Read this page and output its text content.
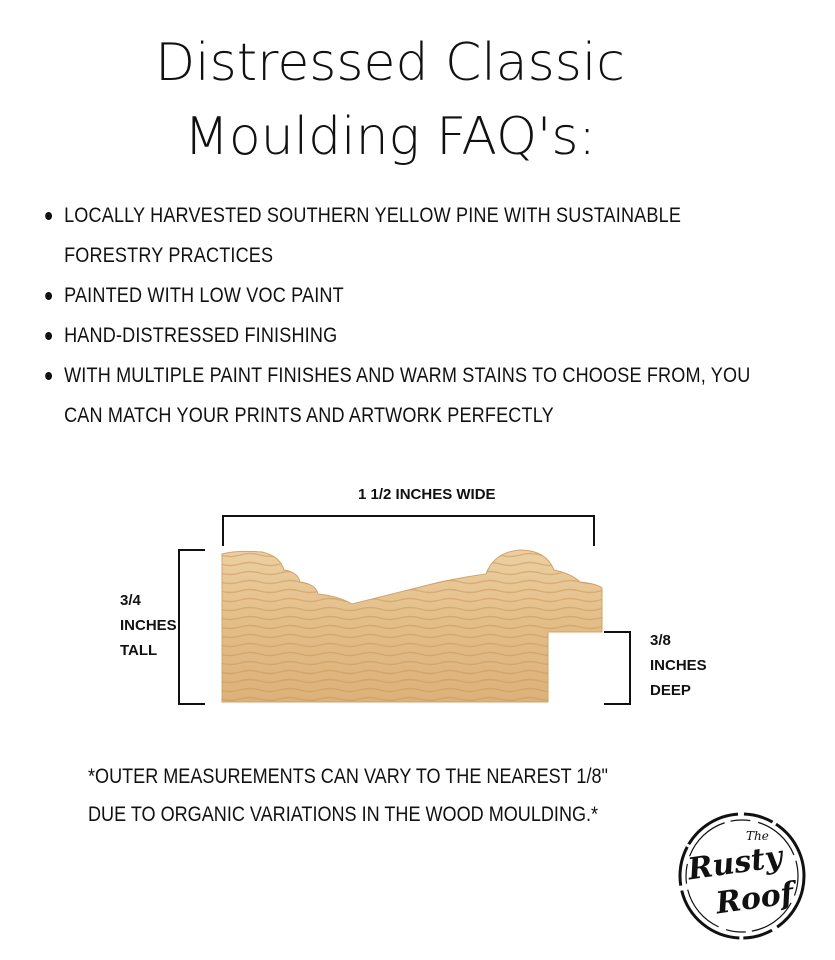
Distressed Classic
Moulding FAQ's:
LOCALLY HARVESTED SOUTHERN YELLOW PINE WITH SUSTAINABLE FORESTRY PRACTICES
PAINTED WITH LOW VOC PAINT
HAND-DISTRESSED FINISHING
WITH MULTIPLE PAINT FINISHES AND WARM STAINS TO CHOOSE FROM, YOU CAN MATCH YOUR PRINTS AND ARTWORK PERFECTLY
1 1/2 INCHES WIDE
3/4
INCHES
TALL
3/8
INCHES
DEEP

*OUTER MEASUREMENTS CAN VARY TO THE NEAREST 1/8" DUE TO ORGANIC VARIATIONS IN THE WOOD MOULDING.*

The
Rusty
Roof
